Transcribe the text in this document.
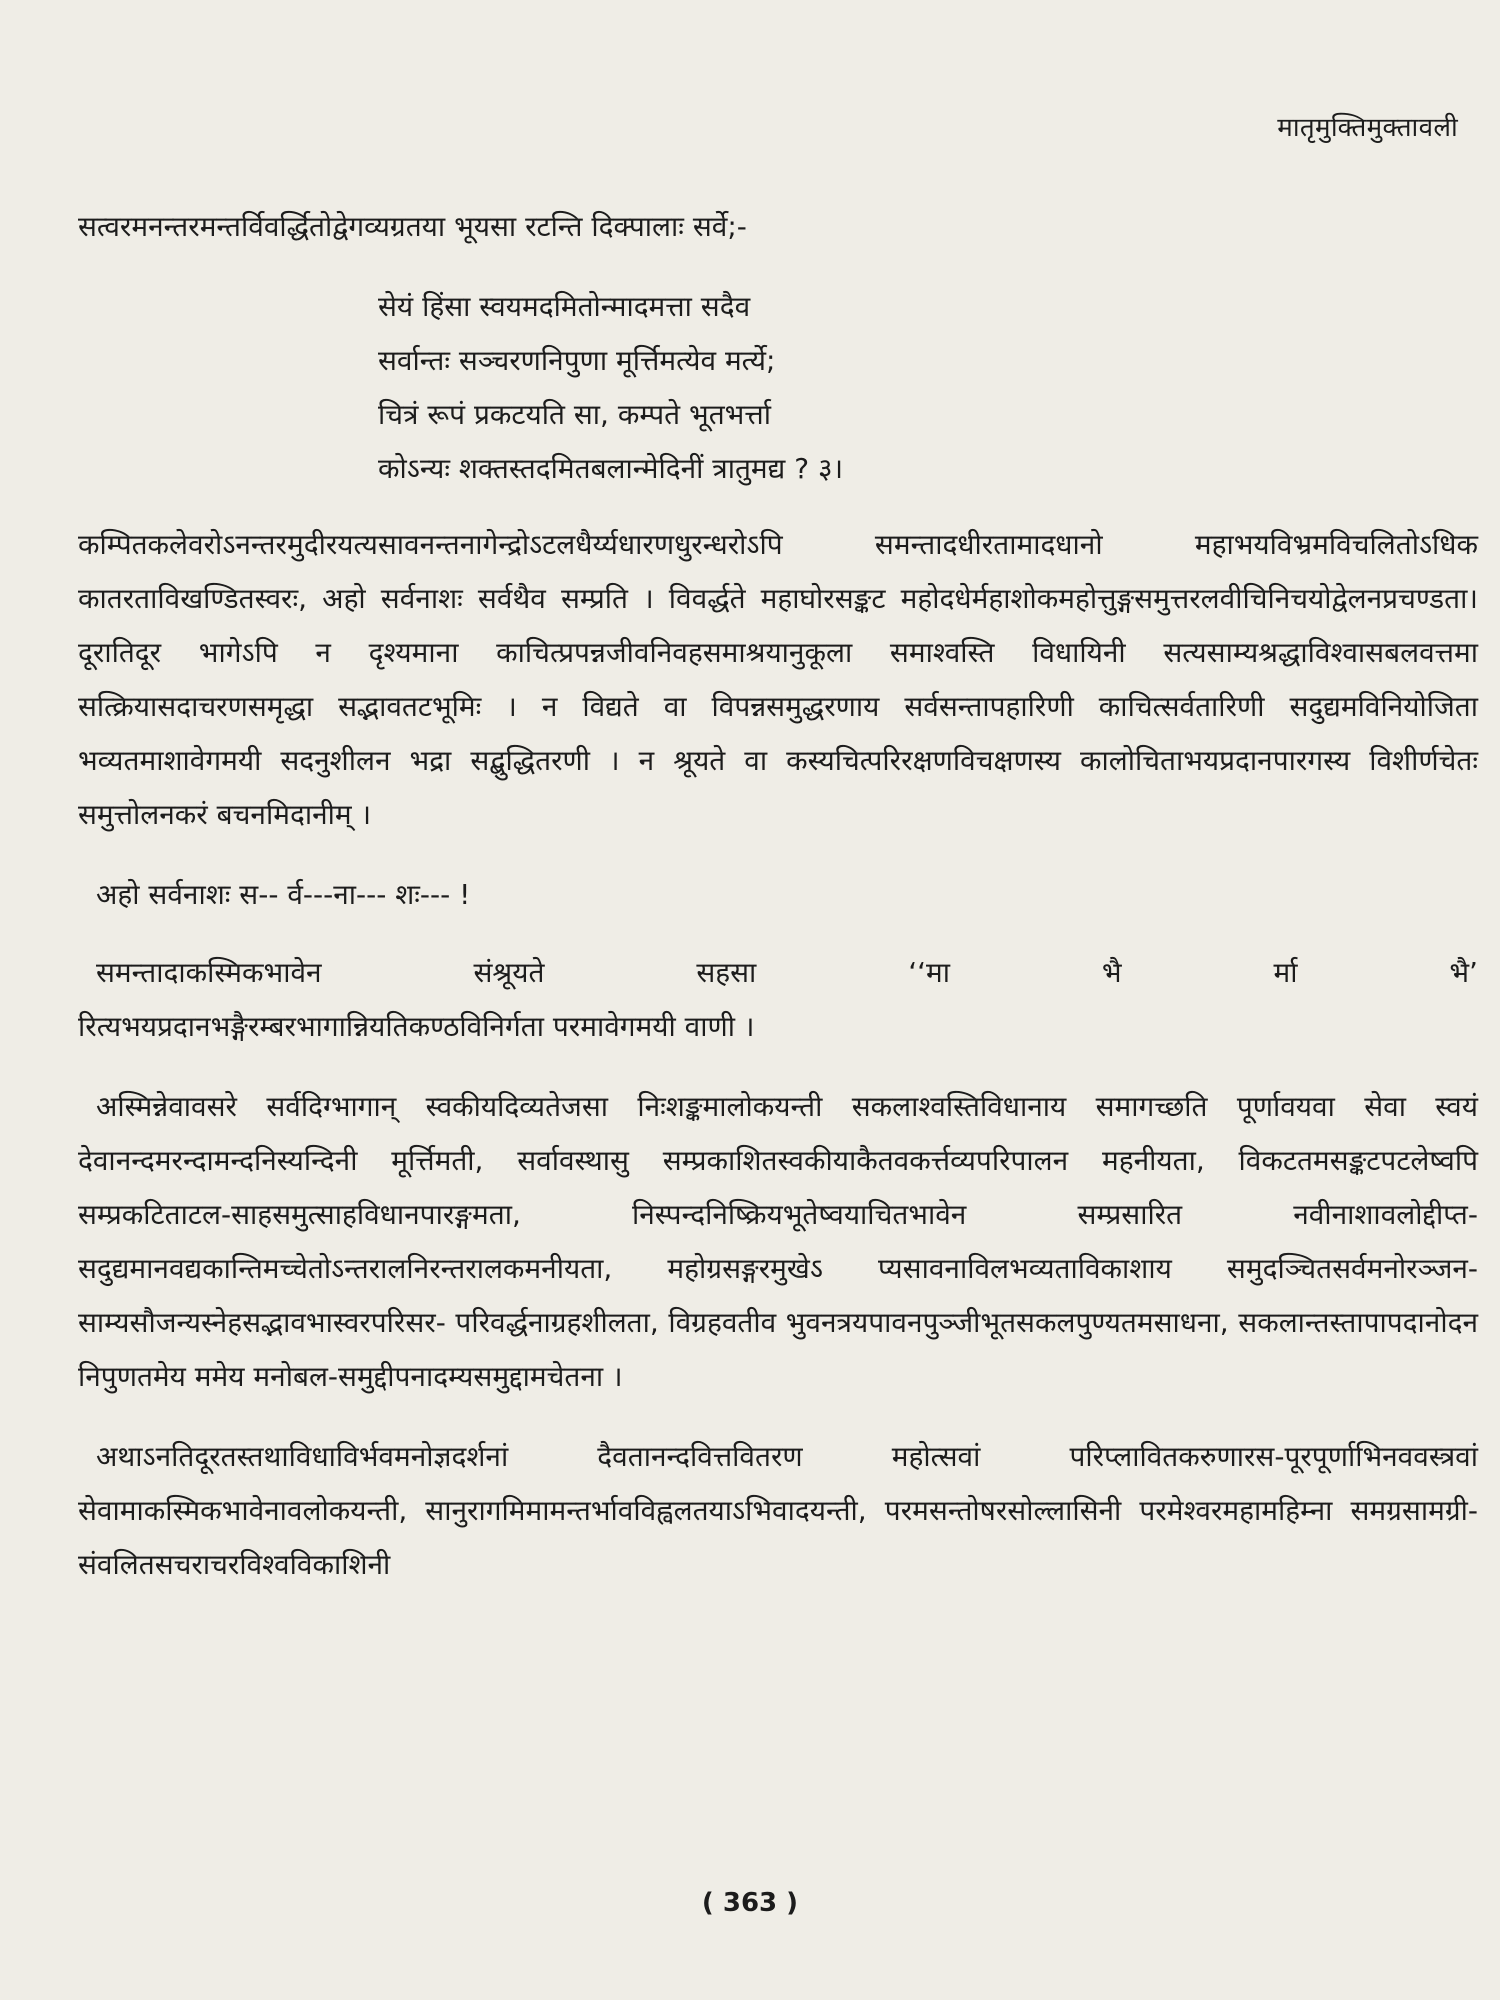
मातृमुक्तिमुक्तावली

सत्वरमनन्तरमन्तर्विवर्द्धितोद्वेगव्यग्रतया भूयसा रटन्ति दिक्पालाः सर्वे;-

सेयं हिंसा स्वयमदमितोन्मादमत्ता सदैव
सर्वान्तः सञ्चरणनिपुणा मूर्त्तिमत्येव मर्त्ये;
चित्रं रूपं प्रकटयति सा, कम्पते भूतभर्त्ता
कोऽन्यः शक्तस्तदमितबलान्मेदिनीं त्रातुमद्य ? ३।

कम्पितकलेवरोऽनन्तरमुदीरयत्यसावनन्तनागेन्द्रोऽटलधैर्य्यधारणधुरन्धरोऽपि समन्तादधीरतामादधानो महाभयविभ्रमविचलितोऽधिक कातरताविखण्डितस्वरः, अहो सर्वनाशः सर्वथैव सम्प्रति । विवर्द्धते महाघोरसङ्कट महोदधेर्महाशोकमहोत्तुङ्गसमुत्तरलवीचिनिचयोद्वेलनप्रचण्डता। दूरातिदूर भागेऽपि न दृश्यमाना काचित्प्रपन्नजीवनिवहसमाश्रयानुकूला समाश्वस्ति विधायिनी सत्यसाम्यश्रद्धाविश्वासबलवत्तमा सत्क्रियासदाचरणसमृद्धा सद्भावतटभूमिः । न विद्यते वा विपन्नसमुद्धरणाय सर्वसन्तापहारिणी काचित्सर्वतारिणी सदुद्यमविनियोजिता भव्यतमाशावेगमयी सदनुशीलन भद्रा सद्बुद्धितरणी । न श्रूयते वा कस्यचित्परिरक्षणविचक्षणस्य कालोचिताभयप्रदानपारगस्य विशीर्णचेतः समुत्तोलनकरं बचनमिदानीम् ।

अहो सर्वनाशः स-- र्व---ना--- शः--- !

समन्तादाकस्मिकभावेन	संश्रूयते	सहसा	‘‘मा	भै	र्मा	भै’

रित्यभयप्रदानभङ्गैरम्बरभागान्नियतिकण्ठविनिर्गता परमावेगमयी वाणी ।

अस्मिन्नेवावसरे सर्वदिग्भागान् स्वकीयदिव्यतेजसा निःशङ्कमालोकयन्ती सकलाश्वस्तिविधानाय समागच्छति पूर्णावयवा सेवा स्वयं देवानन्दमरन्दामन्दनिस्यन्दिनी मूर्त्तिमती, सर्वावस्थासु सम्प्रकाशितस्वकीयाकैतवकर्त्तव्यपरिपालन महनीयता, विकटतमसङ्कटपटलेष्वपि सम्प्रकटिताटल-साहसमुत्साहविधानपारङ्गमता, निस्पन्दनिष्क्रियभूतेष्वयाचितभावेन सम्प्रसारित नवीनाशावलोद्दीप्त-सदुद्यमानवद्यकान्तिमच्चेतोऽन्तरालनिरन्तरालकमनीयता, महोग्रसङ्गरमुखेऽ प्यसावनाविलभव्यताविकाशाय समुदञ्चितसर्वमनोरञ्जन-साम्यसौजन्यस्नेहसद्भावभास्वरपरिसर- परिवर्द्धनाग्रहशीलता, विग्रहवतीव भुवनत्रयपावनपुञ्जीभूतसकलपुण्यतमसाधना, सकलान्तस्तापापदानोदन निपुणतमेय ममेय मनोबल-समुद्दीपनादम्यसमुद्दामचेतना ।

अथाऽनतिदूरतस्तथाविधाविर्भवमनोज्ञदर्शनां दैवतानन्दवित्तवितरण महोत्सवां परिप्लावितकरुणारस-पूरपूर्णाभिनववस्त्रवां सेवामाकस्मिकभावेनावलोकयन्ती, सानुरागमिमामन्तर्भावविह्वलतयाऽभिवादयन्ती, परमसन्तोषरसोल्लासिनी परमेश्वरमहामहिम्ना समग्रसामग्री- संवलितसचराचरविश्वविकाशिनी

( 363 )
